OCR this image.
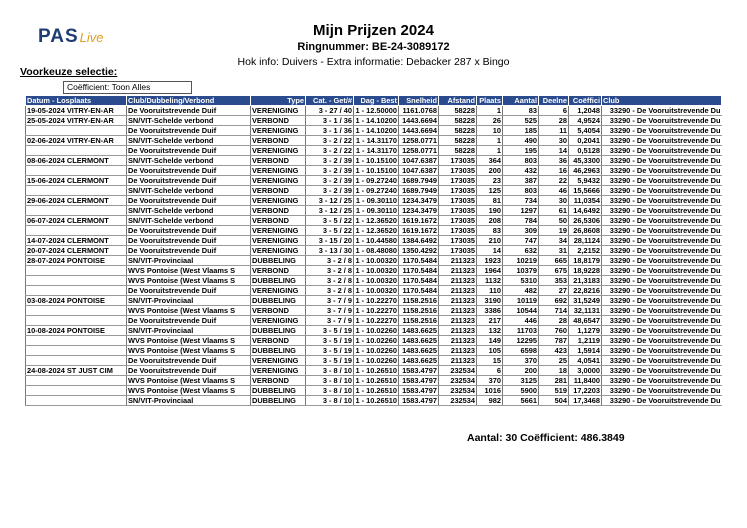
PASLive	Mijn Prijzen 2024
Ringnummer: BE-24-3089172
Hok info: Duivers - Extra informatie: Debacker 287 x Bingo
Voorkeuze selectie:
Coëfficient: Toon Alles
Datum - Losplaats	Club/Dubbeling/Verbond	Type	Cat. - Get/#	Dag - Best	Snelheid	Afstand	Plaats	Aantal	Deelne	Coëffici	Club
19-05-2024 VITRY-EN-AR	De Vooruitstrevende Duif	VERENIGING	3 - 27 / 40	1 - 12.50000	1161.0768	58228	1	83	6	1,2048	33290 - De Vooruitstrevende Du
25-05-2024 VITRY-EN-AR	SN/VIT-Schelde verbond	VERBOND	3 - 1 / 36	1 - 14.10200	1443.6694	58228	26	525	28	4,9524	33290 - De Vooruitstrevende Du
	De Vooruitstrevende Duif	VERENIGING	3 - 1 / 36	1 - 14.10200	1443.6694	58228	10	185	11	5,4054	33290 - De Vooruitstrevende Du
02-06-2024 VITRY-EN-AR	SN/VIT-Schelde verbond	VERBOND	3 - 2 / 22	1 - 14.31170	1258.0771	58228	1	490	30	0,2041	33290 - De Vooruitstrevende Du
	De Vooruitstrevende Duif	VERENIGING	3 - 2 / 22	1 - 14.31170	1258.0771	58228	1	195	14	0,5128	33290 - De Vooruitstrevende Du
08-06-2024 CLERMONT	SN/VIT-Schelde verbond	VERBOND	3 - 2 / 39	1 - 10.15100	1047.6387	173035	364	803	36	45,3300	33290 - De Vooruitstrevende Du
	De Vooruitstrevende Duif	VERENIGING	3 - 2 / 39	1 - 10.15100	1047.6387	173035	200	432	16	46,2963	33290 - De Vooruitstrevende Du
15-06-2024 CLERMONT	De Vooruitstrevende Duif	VERENIGING	3 - 2 / 39	1 - 09.27240	1689.7949	173035	23	387	22	5,9432	33290 - De Vooruitstrevende Du
	SN/VIT-Schelde verbond	VERBOND	3 - 2 / 39	1 - 09.27240	1689.7949	173035	125	803	46	15,5666	33290 - De Vooruitstrevende Du
29-06-2024 CLERMONT	De Vooruitstrevende Duif	VERENIGING	3 - 12 / 25	1 - 09.30110	1234.3479	173035	81	734	30	11,0354	33290 - De Vooruitstrevende Du
	SN/VIT-Schelde verbond	VERBOND	3 - 12 / 25	1 - 09.30110	1234.3479	173035	190	1297	61	14,6492	33290 - De Vooruitstrevende Du
06-07-2024 CLERMONT	SN/VIT-Schelde verbond	VERBOND	3 - 5 / 22	1 - 12.36520	1619.1672	173035	208	784	50	26,5306	33290 - De Vooruitstrevende Du
	De Vooruitstrevende Duif	VERENIGING	3 - 5 / 22	1 - 12.36520	1619.1672	173035	83	309	19	26,8608	33290 - De Vooruitstrevende Du
14-07-2024 CLERMONT	De Vooruitstrevende Duif	VERENIGING	3 - 15 / 20	1 - 10.44580	1384.6492	173035	210	747	34	28,1124	33290 - De Vooruitstrevende Du
20-07-2024 CLERMONT	De Vooruitstrevende Duif	VERENIGING	3 - 13 / 30	1 - 08.48080	1350.4292	173035	14	632	31	2,2152	33290 - De Vooruitstrevende Du
28-07-2024 PONTOISE	SN/VIT-Provinciaal	DUBBELING	3 - 2 / 8	1 - 10.00320	1170.5484	211323	1923	10219	665	18,8179	33290 - De Vooruitstrevende Du
	WVS Pontoise (West Vlaams S	VERBOND	3 - 2 / 8	1 - 10.00320	1170.5484	211323	1964	10379	675	18,9228	33290 - De Vooruitstrevende Du
	WVS Pontoise (West Vlaams S	DUBBELING	3 - 2 / 8	1 - 10.00320	1170.5484	211323	1132	5310	353	21,3183	33290 - De Vooruitstrevende Du
	De Vooruitstrevende Duif	VERENIGING	3 - 2 / 8	1 - 10.00320	1170.5484	211323	110	482	27	22,8216	33290 - De Vooruitstrevende Du
03-08-2024 PONTOISE	SN/VIT-Provinciaal	DUBBELING	3 - 7 / 9	1 - 10.22270	1158.2516	211323	3190	10119	692	31,5249	33290 - De Vooruitstrevende Du
	WVS Pontoise (West Vlaams S	VERBOND	3 - 7 / 9	1 - 10.22270	1158.2516	211323	3386	10544	714	32,1131	33290 - De Vooruitstrevende Du
	De Vooruitstrevende Duif	VERENIGING	3 - 7 / 9	1 - 10.22270	1158.2516	211323	217	446	28	48,6547	33290 - De Vooruitstrevende Du
10-08-2024 PONTOISE	SN/VIT-Provinciaal	DUBBELING	3 - 5 / 19	1 - 10.02260	1483.6625	211323	132	11703	760	1,1279	33290 - De Vooruitstrevende Du
	WVS Pontoise (West Vlaams S	VERBOND	3 - 5 / 19	1 - 10.02260	1483.6625	211323	149	12295	787	1,2119	33290 - De Vooruitstrevende Du
	WVS Pontoise (West Vlaams S	DUBBELING	3 - 5 / 19	1 - 10.02260	1483.6625	211323	105	6598	423	1,5914	33290 - De Vooruitstrevende Du
	De Vooruitstrevende Duif	VERENIGING	3 - 5 / 19	1 - 10.02260	1483.6625	211323	15	370	25	4,0541	33290 - De Vooruitstrevende Du
24-08-2024 ST JUST CIM	De Vooruitstrevende Duif	VERENIGING	3 - 8 / 10	1 - 10.26510	1583.4797	232534	6	200	18	3,0000	33290 - De Vooruitstrevende Du
	WVS Pontoise (West Vlaams S	VERBOND	3 - 8 / 10	1 - 10.26510	1583.4797	232534	370	3125	281	11,8400	33290 - De Vooruitstrevende Du
	WVS Pontoise (West Vlaams S	DUBBELING	3 - 8 / 10	1 - 10.26510	1583.4797	232534	1016	5900	519	17,2203	33290 - De Vooruitstrevende Du
	SN/VIT-Provinciaal	DUBBELING	3 - 8 / 10	1 - 10.26510	1583.4797	232534	982	5661	504	17,3468	33290 - De Vooruitstrevende Du
Aantal: 30 Coëfficient: 486.3849
